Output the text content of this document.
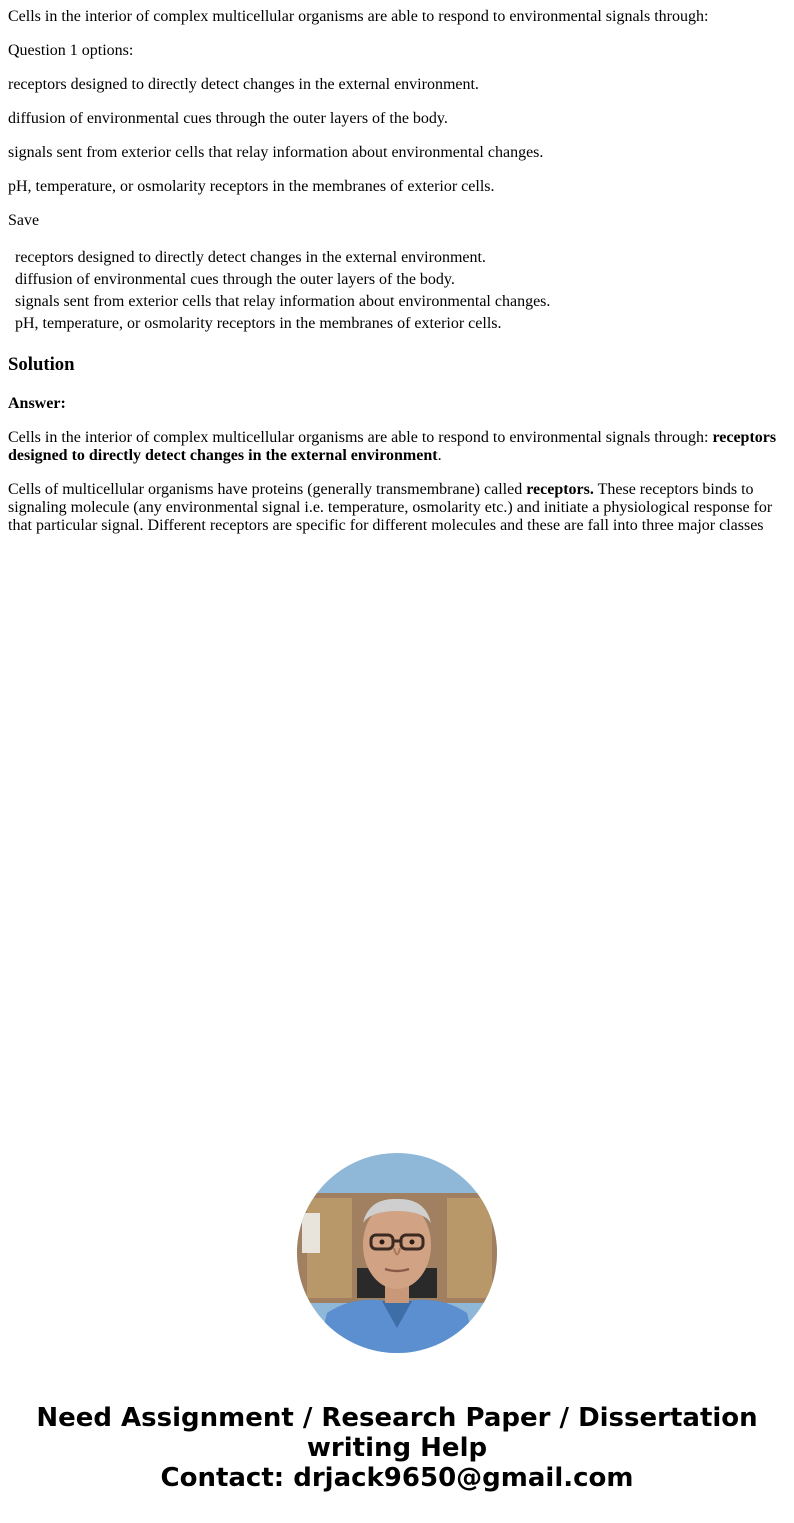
Cells in the interior of complex multicellular organisms are able to respond to environmental signals through:

Question 1 options:

receptors designed to directly detect changes in the external environment.

diffusion of environmental cues through the outer layers of the body.

signals sent from exterior cells that relay information about environmental changes.

pH, temperature, or osmolarity receptors in the membranes of exterior cells.

Save

receptors designed to directly detect changes in the external environment.
diffusion of environmental cues through the outer layers of the body.
signals sent from exterior cells that relay information about environmental changes.
pH, temperature, or osmolarity receptors in the membranes of exterior cells.
Solution

Answer:

Cells in the interior of complex multicellular organisms are able to respond to environmental signals through: receptors designed to directly detect changes in the external environment.

Cells of multicellular organisms have proteins (generally transmembrane) called receptors. These receptors binds to signaling molecule (any environmental signal i.e. temperature, osmolarity etc.) and initiate a physiological response for that particular signal. Different receptors are specific for different molecules and these are fall into three major classes

Need Assignment / Research Paper / Dissertation
writing Help
Contact: drjack9650@gmail.com
